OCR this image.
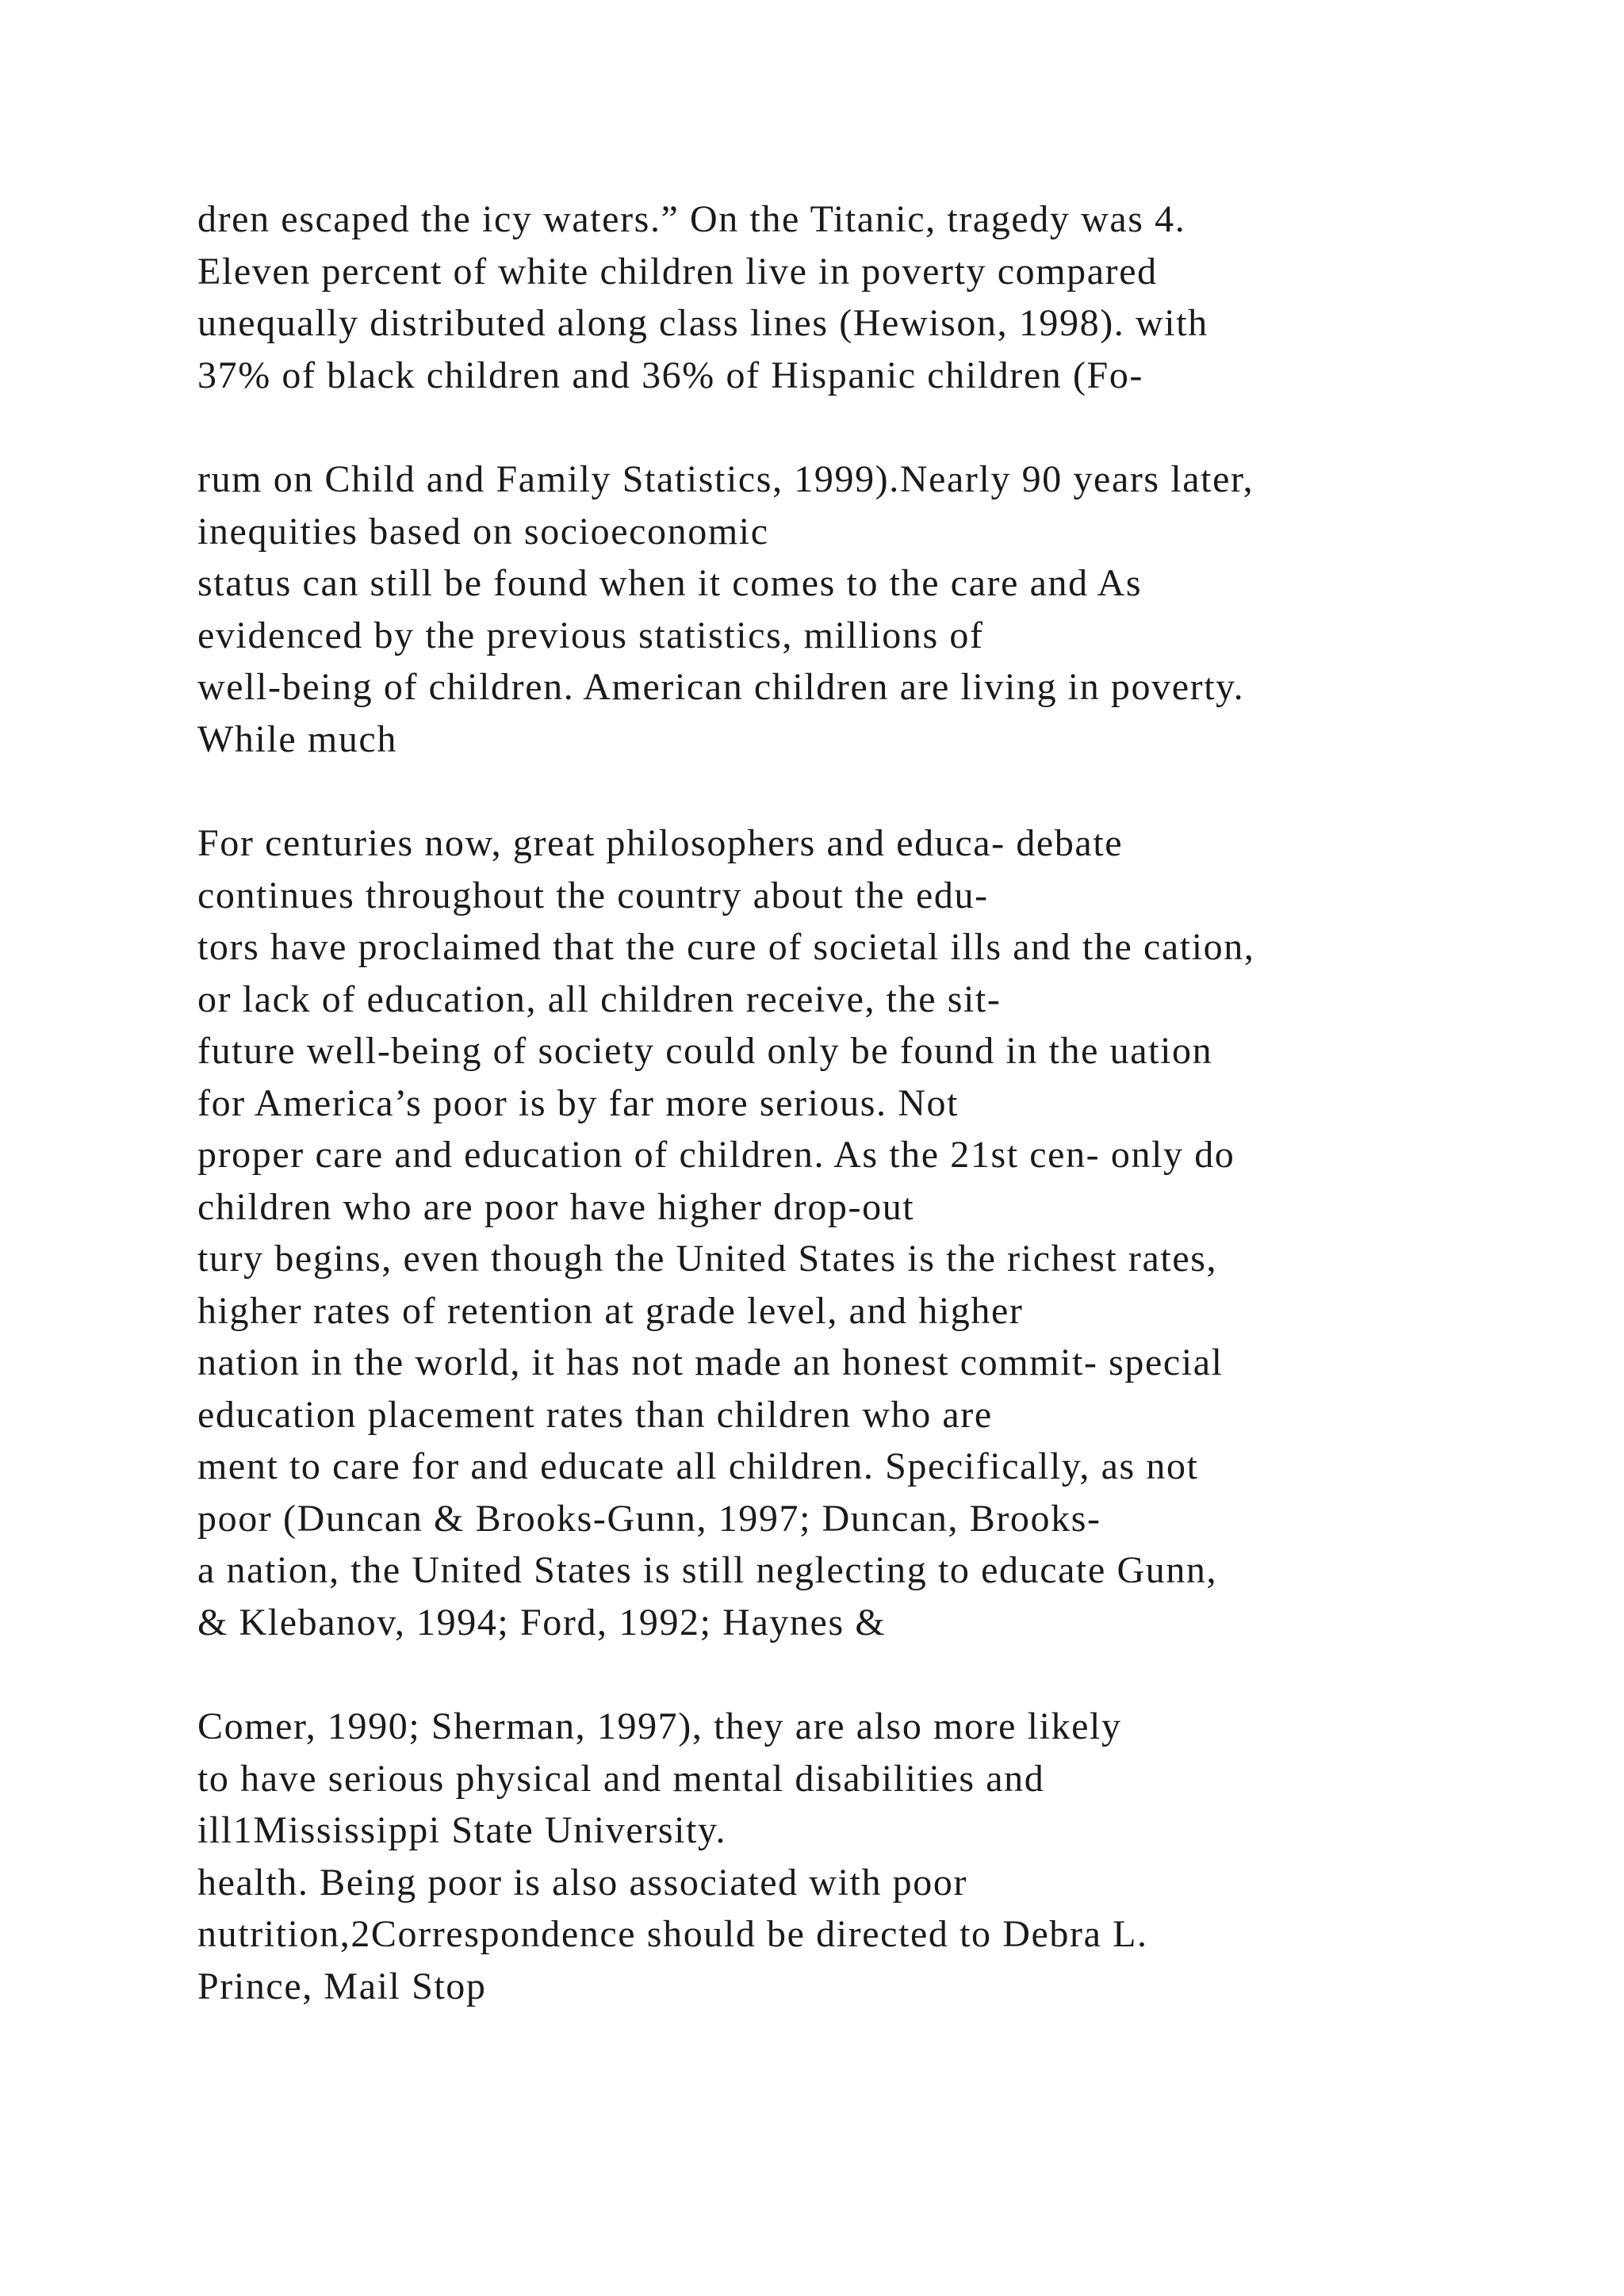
dren escaped the icy waters.” On the Titanic, tragedy was 4.
Eleven percent of white children live in poverty compared
unequally distributed along class lines (Hewison, 1998). with
37% of black children and 36% of Hispanic children (Fo-
rum on Child and Family Statistics, 1999).Nearly 90 years later,
inequities based on socioeconomic
status can still be found when it comes to the care and As
evidenced by the previous statistics, millions of
well-being of children. American children are living in poverty.
While much
For centuries now, great philosophers and educa- debate
continues throughout the country about the edu-
tors have proclaimed that the cure of societal ills and the cation,
or lack of education, all children receive, the sit-
future well-being of society could only be found in the uation
for America’s poor is by far more serious. Not
proper care and education of children. As the 21st cen- only do
children who are poor have higher drop-out
tury begins, even though the United States is the richest rates,
higher rates of retention at grade level, and higher
nation in the world, it has not made an honest commit- special
education placement rates than children who are
ment to care for and educate all children. Specifically, as not
poor (Duncan & Brooks-Gunn, 1997; Duncan, Brooks-
a nation, the United States is still neglecting to educate Gunn,
& Klebanov, 1994; Ford, 1992; Haynes &
Comer, 1990; Sherman, 1997), they are also more likely
to have serious physical and mental disabilities and
ill1Mississippi State University.
health. Being poor is also associated with poor
nutrition,2Correspondence should be directed to Debra L.
Prince, Mail Stop
